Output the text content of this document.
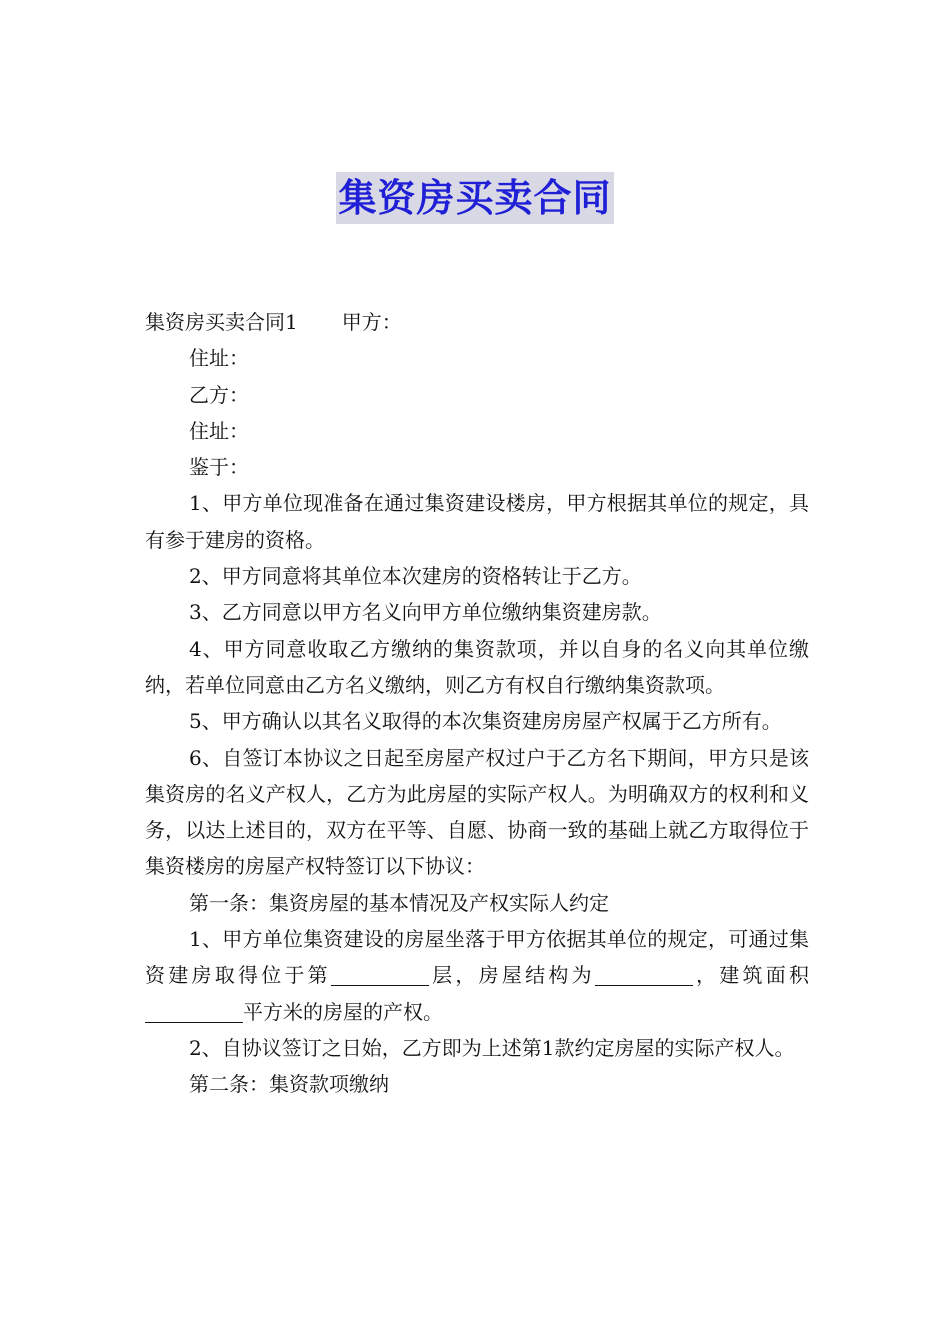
集资房买卖合同

集资房买卖合同1 甲方：

住址：

乙方：

住址：

鉴于：

1、甲方单位现准备在通过集资建设楼房，甲方根据其单位的规定，具有参于建房的资格。

2、甲方同意将其单位本次建房的资格转让于乙方。

3、乙方同意以甲方名义向甲方单位缴纳集资建房款。

4、甲方同意收取乙方缴纳的集资款项，并以自身的名义向其单位缴纳，若单位同意由乙方名义缴纳，则乙方有权自行缴纳集资款项。

5、甲方确认以其名义取得的本次集资建房房屋产权属于乙方所有。

6、自签订本协议之日起至房屋产权过户于乙方名下期间，甲方只是该集资房的名义产权人，乙方为此房屋的实际产权人。为明确双方的权利和义务，以达上述目的，双方在平等、自愿、协商一致的基础上就乙方取得位于集资楼房的房屋产权特签订以下协议：

第一条：集资房屋的基本情况及产权实际人约定

1、甲方单位集资建设的房屋坐落于甲方依据其单位的规定，可通过集资建房取得位于第	层，房屋结构为	，建筑面积平方米的房屋的产权。

2、自协议签订之日始，乙方即为上述第1款约定房屋的实际产权人。

第二条：集资款项缴纳
